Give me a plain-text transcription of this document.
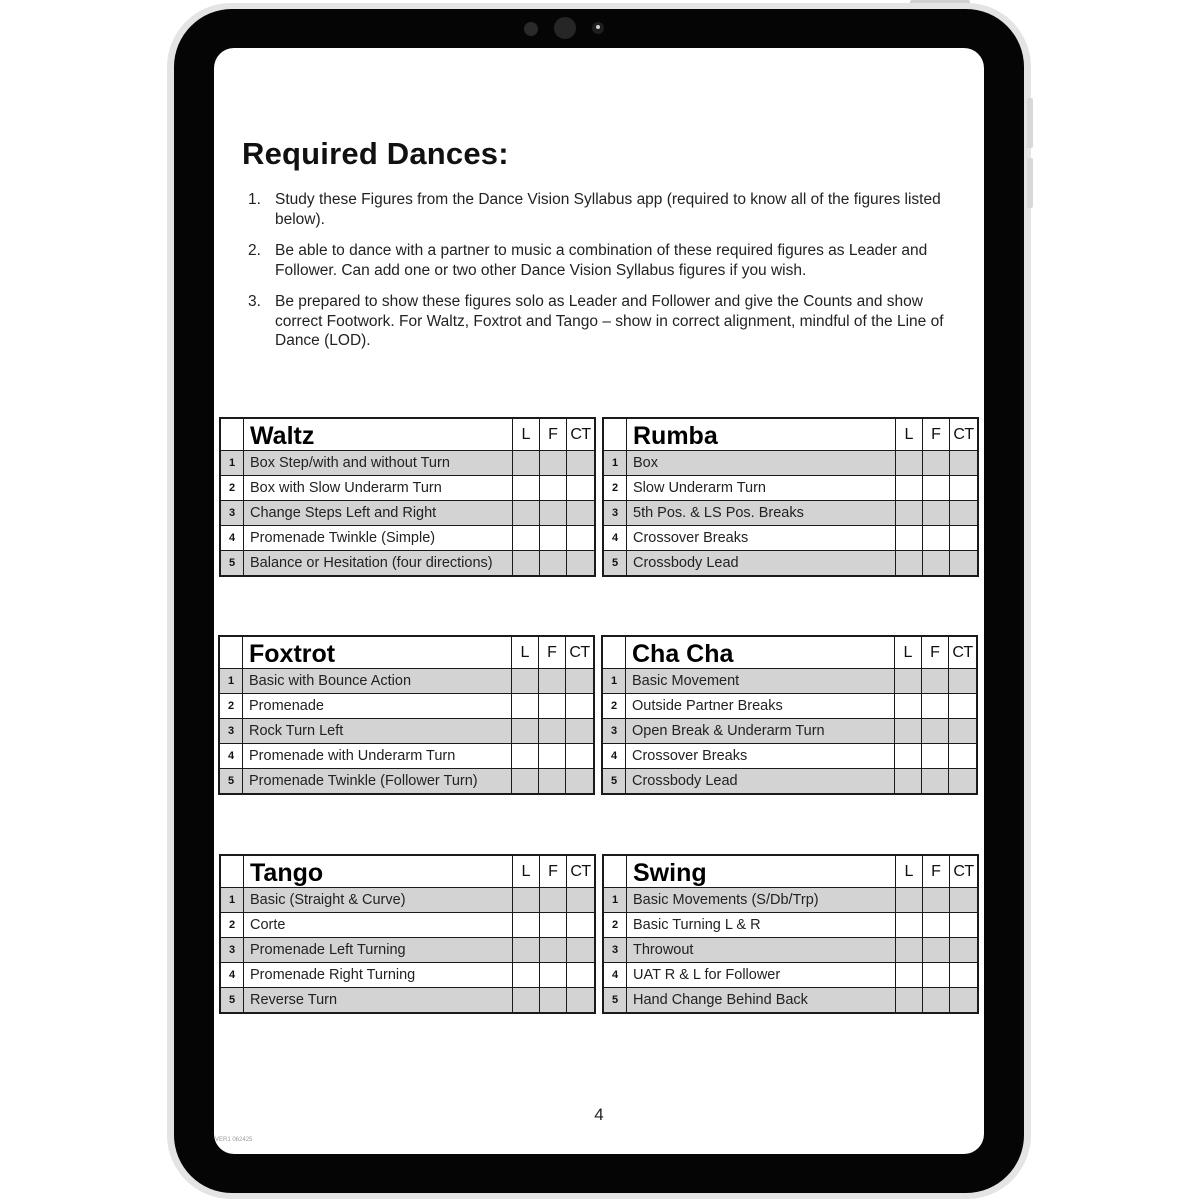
Required Dances:
1. Study these Figures from the Dance Vision Syllabus app (required to know all of the figures listed below).
2. Be able to dance with a partner to music a combination of these required figures as Leader and Follower. Can add one or two other Dance Vision Syllabus figures if you wish.
3. Be prepared to show these figures solo as Leader and Follower and give the Counts and show correct Footwork. For Waltz, Foxtrot and Tango – show in correct alignment, mindful of the Line of Dance (LOD).
Waltz	L	F CT
1	Box Step/with and without Turn
2	Box with Slow Underarm Turn
3	Change Steps Left and Right
4	Promenade Twinkle (Simple)
5	Balance or Hesitation (four directions)
Rumba	L	F CT
1	Box
2	Slow Underarm Turn
3	5th Pos. & LS Pos. Breaks
4	Crossover Breaks
5	Crossbody Lead
Foxtrot	L	F CT
1	Basic with Bounce Action
2	Promenade
3	Rock Turn Left
4	Promenade with Underarm Turn
5	Promenade Twinkle (Follower Turn)
Cha Cha	L	F CT
1	Basic Movement
2	Outside Partner Breaks
3	Open Break & Underarm Turn
4	Crossover Breaks
5	Crossbody Lead
Tango	L	F CT
1	Basic (Straight & Curve)
2	Corte
3	Promenade Left Turning
4	Promenade Right Turning
5	Reverse Turn
Swing	L	F CT
1	Basic Movements (S/Db/Trp)
2	Basic Turning L & R
3	Throwout
4	UAT R & L for Follower
5	Hand Change Behind Back
4
VER1 062425
